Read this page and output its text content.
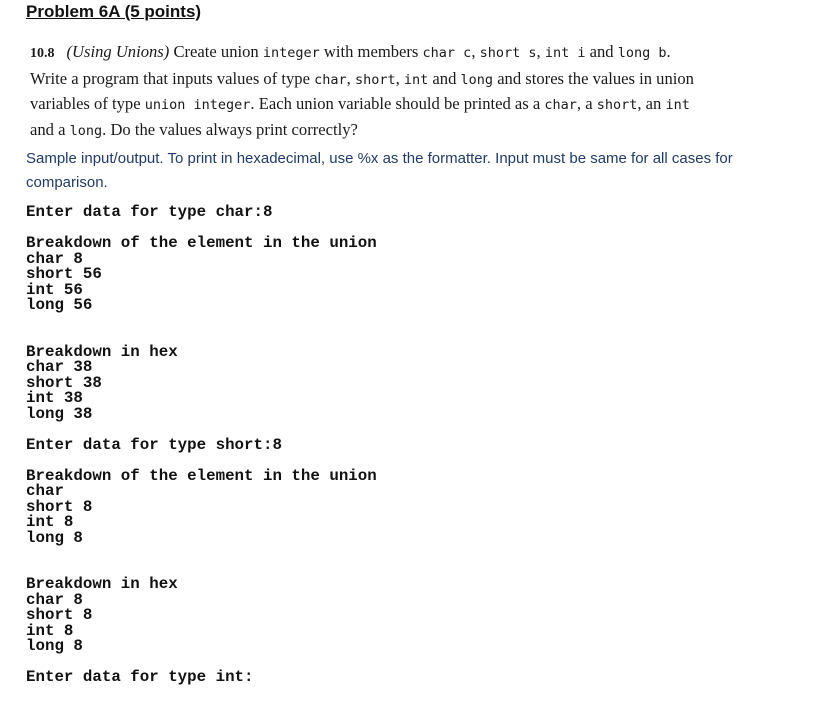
Problem 6A (5 points)
10.8 (Using Unions) Create union integer with members char c, short s, int i and long b.
Write a program that inputs values of type char, short, int and long and stores the values in union
variables of type union integer. Each union variable should be printed as a char, a short, an int
and a long. Do the values always print correctly?
Sample input/output. To print in hexadecimal, use %x as the formatter. Input must be same for all cases for comparison.
Enter data for type char:8
Breakdown of the element in the union
char 8
short 56
int 56
long 56
Breakdown in hex
char 38
short 38
int 38
long 38
Enter data for type short:8
Breakdown of the element in the union
char
short 8
int 8
long 8
Breakdown in hex
char 8
short 8
int 8
long 8
Enter data for type int:
